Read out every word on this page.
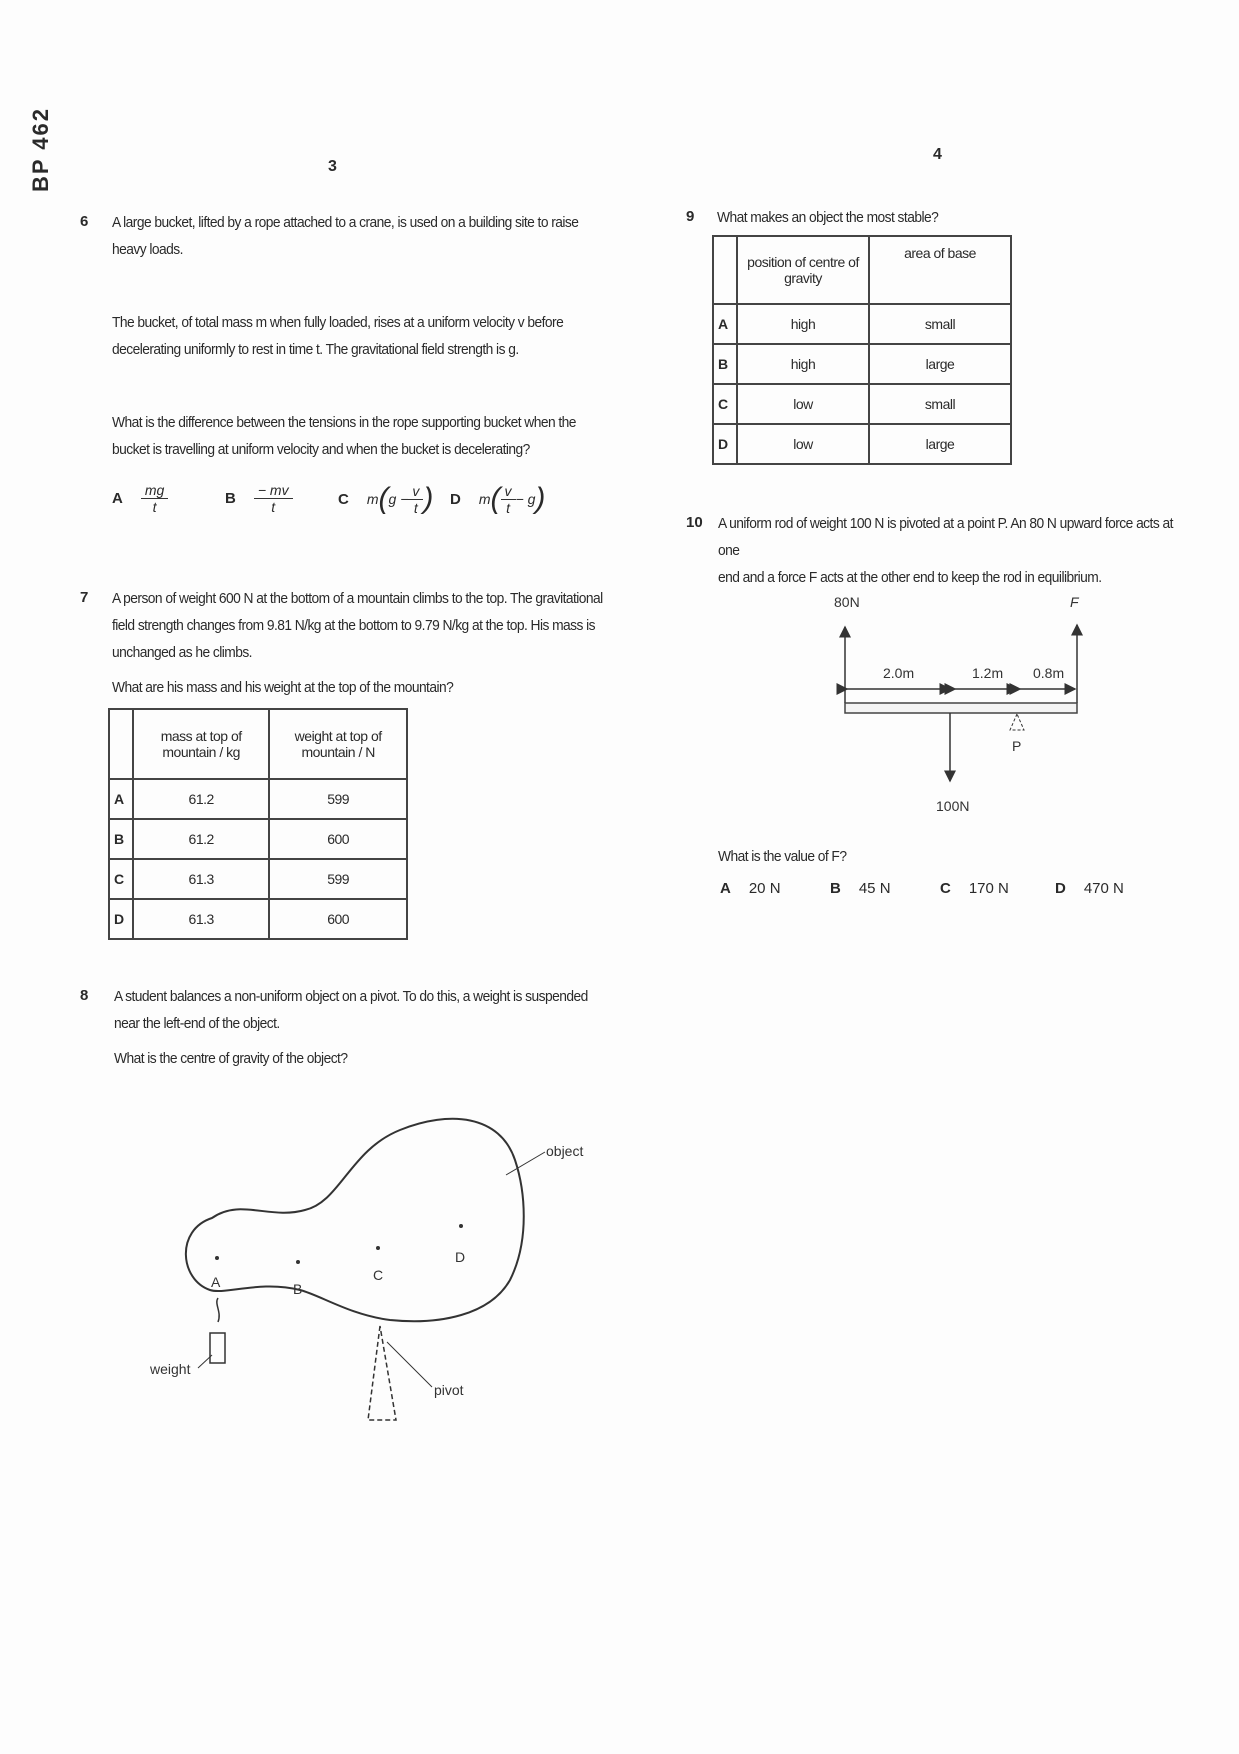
BP 462	3
4
6 A large bucket, lifted by a rope attached to a crane, is used on a building site to raise
heavy loads.
The bucket, of total mass m when fully loaded, rises at a uniform velocity v before
decelerating uniformly to rest in time t. The gravitational field strength is g.
What is the difference between the tensions in the rope supporting bucket when the
bucket is travelling at uniform velocity and when the bucket is decelerating?
A $\frac{mg}{t}$	B $\frac{- mv}{t}$	C m ( $g - \frac{v}{t}$ ) D m ( $\frac{v}{t} - g$ )
7 A person of weight 600 N at the bottom of a mountain climbs to the top. The gravitational
field strength changes from 9.81 N/kg at the bottom to 9.79 N/kg at the top. His mass is
unchanged as he climbs.
What are his mass and his weight at the top of the mountain?
	mass at top of mountain / kg	weight at top of mountain / N
A	61.2	599
B	61.2	600
C	61.3	599
D	61.3	600
8 A student balances a non-uniform object on a pivot. To do this, a weight is suspended
near the left-end of the object.
What is the centre of gravity of the object?
A	B
C
D
weight
pivot
object
9 What makes an object the most stable?
	position of centre of gravity	area of base
A	high	small
B	high	large
C	low	small
D	low	large
10 A uniform rod of weight 100 N is pivoted at a point P. An 80 N upward force acts at one
end and a force F acts at the other end to keep the rod in equilibrium.
80N	F
2.0m	1.2m 0.8m
100N
P
What is the value of F?
A 20 N	B 45 N	C 170 N	D 470 N
